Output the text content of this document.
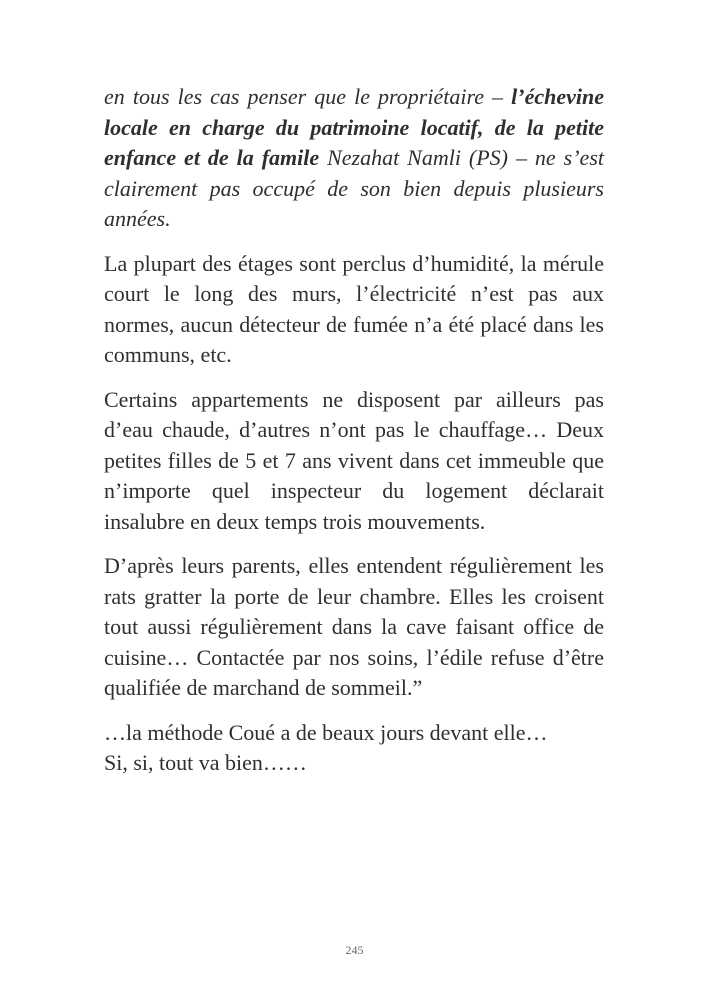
en tous les cas penser que le propriétaire – l’échevine locale en charge du patrimoine locatif, de la petite enfance et de la famile Nezahat Namli (PS) – ne s’est clairement pas occupé de son bien depuis plusieurs années.

La plupart des étages sont perclus d’humidité, la mérule court le long des murs, l’électricité n’est pas aux normes, aucun détecteur de fumée n’a été placé dans les communs, etc.

Certains appartements ne disposent par ailleurs pas d’eau chaude, d’autres n’ont pas le chauffage… Deux petites filles de 5 et 7 ans vivent dans cet immeuble que n’importe quel inspecteur du logement déclarait insalubre en deux temps trois mouvements.

D’après leurs parents, elles entendent régulièrement les rats gratter la porte de leur chambre. Elles les croisent tout aussi régulièrement dans la cave faisant office de cuisine… Contactée par nos soins, l’édile refuse d’être qualifiée de marchand de sommeil.”

…la méthode Coué a de beaux jours devant elle…
Si, si, tout va bien……

245
